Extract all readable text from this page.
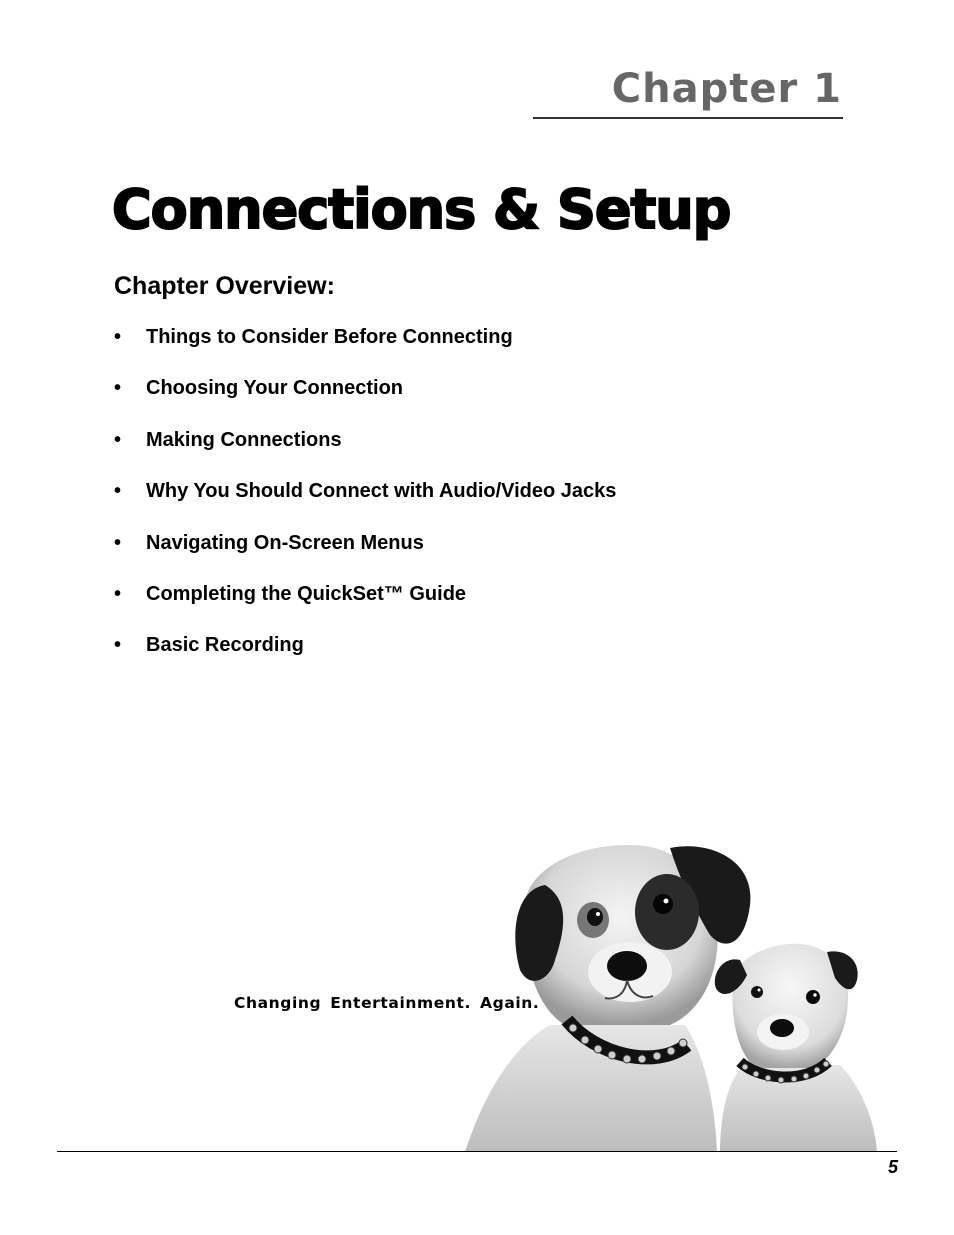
Chapter 1
Connections & Setup
Chapter Overview:
•	Things to Consider Before Connecting
•	Choosing Your Connection
•	Making Connections
•	Why You Should Connect with Audio/Video Jacks
•	Navigating On-Screen Menus
•	Completing the QuickSet™ Guide
•	Basic Recording
Changing Entertainment. Again.
5
